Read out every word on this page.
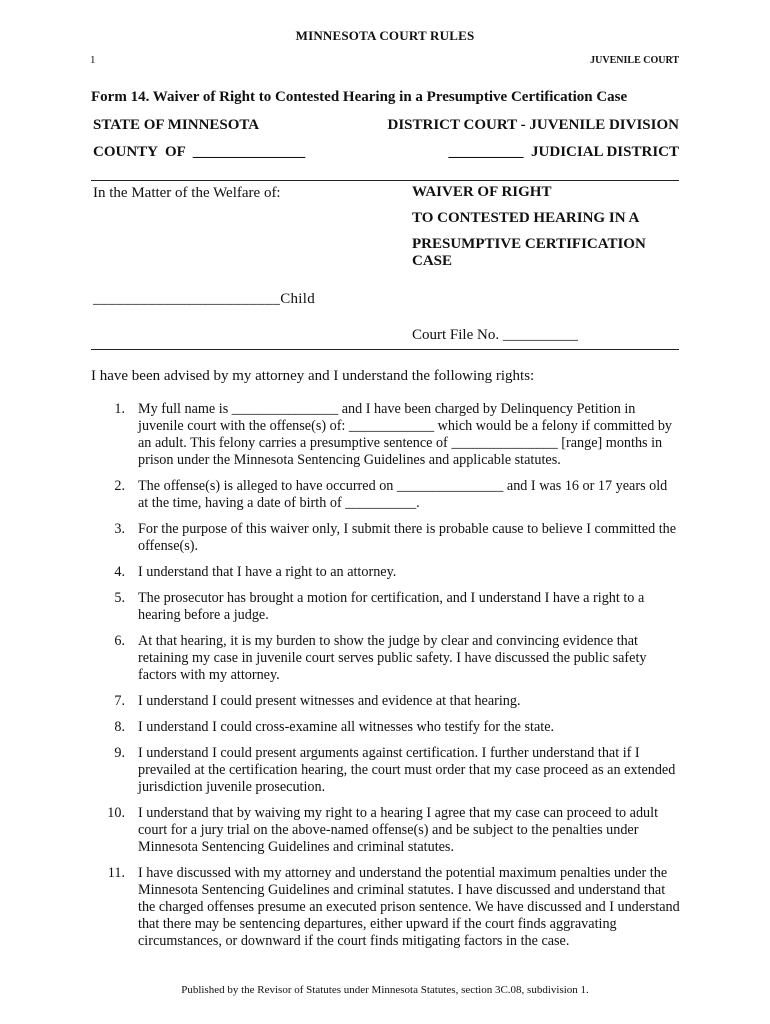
MINNESOTA COURT RULES
1	JUVENILE COURT
Form 14. Waiver of Right to Contested Hearing in a Presumptive Certification Case
STATE OF MINNESOTA	DISTRICT COURT - JUVENILE DIVISION
COUNTY  OF  _______________	__________  JUDICIAL DISTRICT
In the Matter of the Welfare of:	WAIVER OF RIGHT
TO CONTESTED HEARING IN A
PRESUMPTIVE CERTIFICATION CASE
________________________Child
Court File No. __________
I have been advised by my attorney and I understand the following rights:
1. My full name is _______________ and I have been charged by Delinquency Petition in juvenile court with the offense(s) of: ____________ which would be a felony if committed by an adult. This felony carries a presumptive sentence of _______________ [range] months in prison under the Minnesota Sentencing Guidelines and applicable statutes.
2. The offense(s) is alleged to have occurred on _______________ and I was 16 or 17 years old at the time, having a date of birth of __________.
3. For the purpose of this waiver only, I submit there is probable cause to believe I committed the offense(s).
4. I understand that I have a right to an attorney.
5. The prosecutor has brought a motion for certification, and I understand I have a right to a hearing before a judge.
6. At that hearing, it is my burden to show the judge by clear and convincing evidence that retaining my case in juvenile court serves public safety. I have discussed the public safety factors with my attorney.
7. I understand I could present witnesses and evidence at that hearing.
8. I understand I could cross-examine all witnesses who testify for the state.
9. I understand I could present arguments against certification. I further understand that if I prevailed at the certification hearing, the court must order that my case proceed as an extended jurisdiction juvenile prosecution.
10. I understand that by waiving my right to a hearing I agree that my case can proceed to adult court for a jury trial on the above-named offense(s) and be subject to the penalties under Minnesota Sentencing Guidelines and criminal statutes.
11. I have discussed with my attorney and understand the potential maximum penalties under the Minnesota Sentencing Guidelines and criminal statutes. I have discussed and understand that the charged offenses presume an executed prison sentence. We have discussed and I understand that there may be sentencing departures, either upward if the court finds aggravating circumstances, or downward if the court finds mitigating factors in the case.
Published by the Revisor of Statutes under Minnesota Statutes, section 3C.08, subdivision 1.
